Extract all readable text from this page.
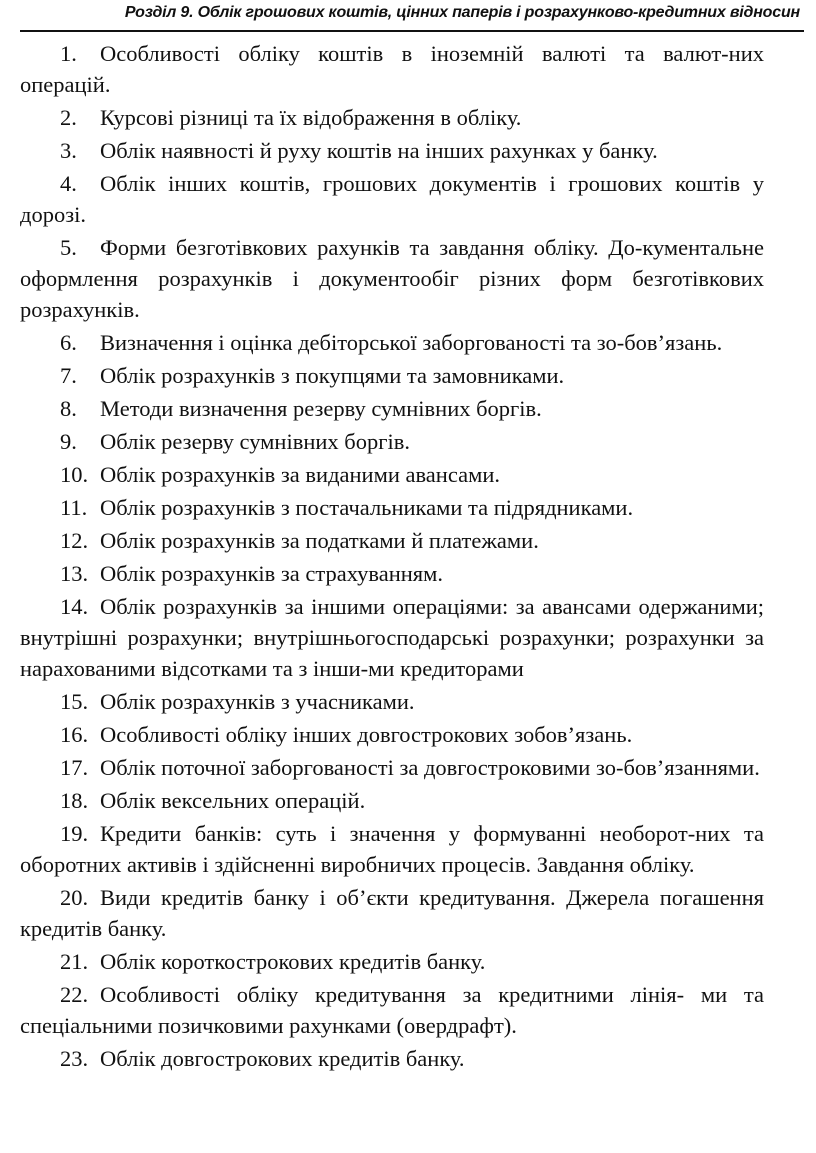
Розділ 9. Облік грошових коштів, цінних паперів і розрахунково-кредитних відносин

1. Особливості обліку коштів в іноземній валюті та валют-них операцій.

2. Курсові різниці та їх відображення в обліку.

3. Облік наявності й руху коштів на інших рахунках у банку.

4. Облік інших коштів, грошових документів і грошових коштів у дорозі.

5. Форми безготівкових рахунків та завдання обліку. До-кументальне оформлення розрахунків і документообіг різних форм безготівкових розрахунків.

6. Визначення і оцінка дебіторської заборгованості та зо-бов’язань.

7. Облік розрахунків з покупцями та замовниками.

8. Методи визначення резерву сумнівних боргів.

9. Облік резерву сумнівних боргів.

10. Облік розрахунків за виданими авансами.

11. Облік розрахунків з постачальниками та підрядниками.

12. Облік розрахунків за податками й платежами.

13. Облік розрахунків за страхуванням.

14. Облік розрахунків за іншими операціями: за авансами одержаними; внутрішні розрахунки; внутрішньогосподарські розрахунки; розрахунки за нарахованими відсотками та з інши-ми кредиторами

15. Облік розрахунків з учасниками.

16. Особливості обліку інших довгострокових зобов’язань.

17. Облік поточної заборгованості за довгостроковими зо-бов’язаннями.

18. Облік вексельних операцій.

19. Кредити банків: суть і значення у формуванні необорот-них та оборотних активів і здійсненні виробничих процесів. Завдання обліку.

20. Види кредитів банку і об’єкти кредитування. Джерела погашення кредитів банку.

21. Облік короткострокових кредитів банку.

22. Особливості обліку кредитування за кредитними лінія- ми та спеціальними позичковими рахунками (овердрафт).

23. Облік довгострокових кредитів банку.
